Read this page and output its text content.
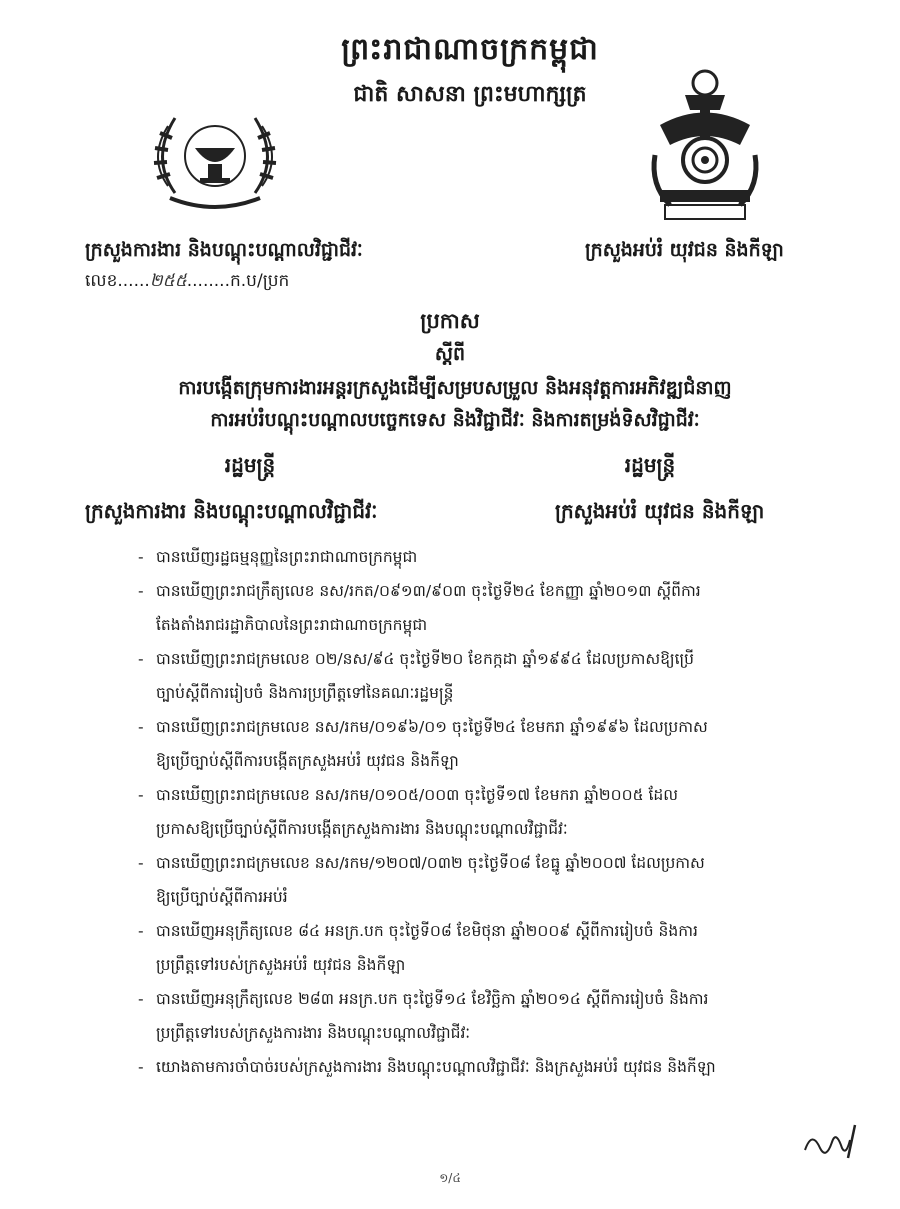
ព្រះរាជាណាចក្រកម្ពុជា
ជាតិ សាសនា ព្រះមហាក្សត្រ
ក្រសួងការងារ និងបណ្តុះបណ្តាលវិជ្ជាជីវៈ
លេខ......២៥៥........ក.ប/ប្រក
ក្រសួងអប់រំ យុវជន និងកីឡា
ប្រកាស
ស្តីពី
ការបង្កើតក្រុមការងារអន្តរក្រសួងដើម្បីសម្របសម្រួល និងអនុវត្តការអភិវឌ្ឍជំនាញ
ការអប់រំបណ្តុះបណ្តាលបច្ចេកទេស និងវិជ្ជាជីវៈ និងការតម្រង់ទិសវិជ្ជាជីវៈ
រដ្ឋមន្ត្រី	រដ្ឋមន្ត្រី
ក្រសួងការងារ និងបណ្តុះបណ្តាលវិជ្ជាជីវៈ	ក្រសួងអប់រំ យុវជន និងកីឡា
- បានឃើញរដ្ឋធម្មនុញ្ញនៃព្រះរាជាណាចក្រកម្ពុជា
- បានឃើញព្រះរាជក្រឹត្យលេខ នស/រកត/០៩១៣/៩០៣ ចុះថ្ងៃទី២៤ ខែកញ្ញា ឆ្នាំ២០១៣ ស្តីពីការ
តែងតាំងរាជរដ្ឋាភិបាលនៃព្រះរាជាណាចក្រកម្ពុជា
- បានឃើញព្រះរាជក្រមលេខ ០២/នស/៩៤ ចុះថ្ងៃទី២០ ខែកក្កដា ឆ្នាំ១៩៩៤ ដែលប្រកាសឱ្យប្រើ
ច្បាប់ស្តីពីការរៀបចំ និងការប្រព្រឹត្តទៅនៃគណៈរដ្ឋមន្ត្រី
- បានឃើញព្រះរាជក្រមលេខ នស/រកម/០១៩៦/០១ ចុះថ្ងៃទី២៤ ខែមករា ឆ្នាំ១៩៩៦ ដែលប្រកាស
ឱ្យប្រើច្បាប់ស្តីពីការបង្កើតក្រសួងអប់រំ យុវជន និងកីឡា
- បានឃើញព្រះរាជក្រមលេខ នស/រកម/០១០៥/០០៣ ចុះថ្ងៃទី១៧ ខែមករា ឆ្នាំ២០០៥ ដែល
ប្រកាសឱ្យប្រើច្បាប់ស្តីពីការបង្កើតក្រសួងការងារ និងបណ្តុះបណ្តាលវិជ្ជាជីវៈ
- បានឃើញព្រះរាជក្រមលេខ នស/រកម/១២០៧/០៣២ ចុះថ្ងៃទី០៨ ខែធ្នូ ឆ្នាំ២០០៧ ដែលប្រកាស
ឱ្យប្រើច្បាប់ស្តីពីការអប់រំ
- បានឃើញអនុក្រឹត្យលេខ ៨៤ អនក្រ.បក ចុះថ្ងៃទី០៨ ខែមិថុនា ឆ្នាំ២០០៩ ស្តីពីការរៀបចំ និងការ
ប្រព្រឹត្តទៅរបស់ក្រសួងអប់រំ យុវជន និងកីឡា
- បានឃើញអនុក្រឹត្យលេខ ២៨៣ អនក្រ.បក ចុះថ្ងៃទី១៤ ខែវិច្ឆិកា ឆ្នាំ២០១៤ ស្តីពីការរៀបចំ និងការ
ប្រព្រឹត្តទៅរបស់ក្រសួងការងារ និងបណ្តុះបណ្តាលវិជ្ជាជីវៈ
- យោងតាមការចាំបាច់របស់ក្រសួងការងារ និងបណ្តុះបណ្តាលវិជ្ជាជីវៈ និងក្រសួងអប់រំ យុវជន និងកីឡា
១/៤
